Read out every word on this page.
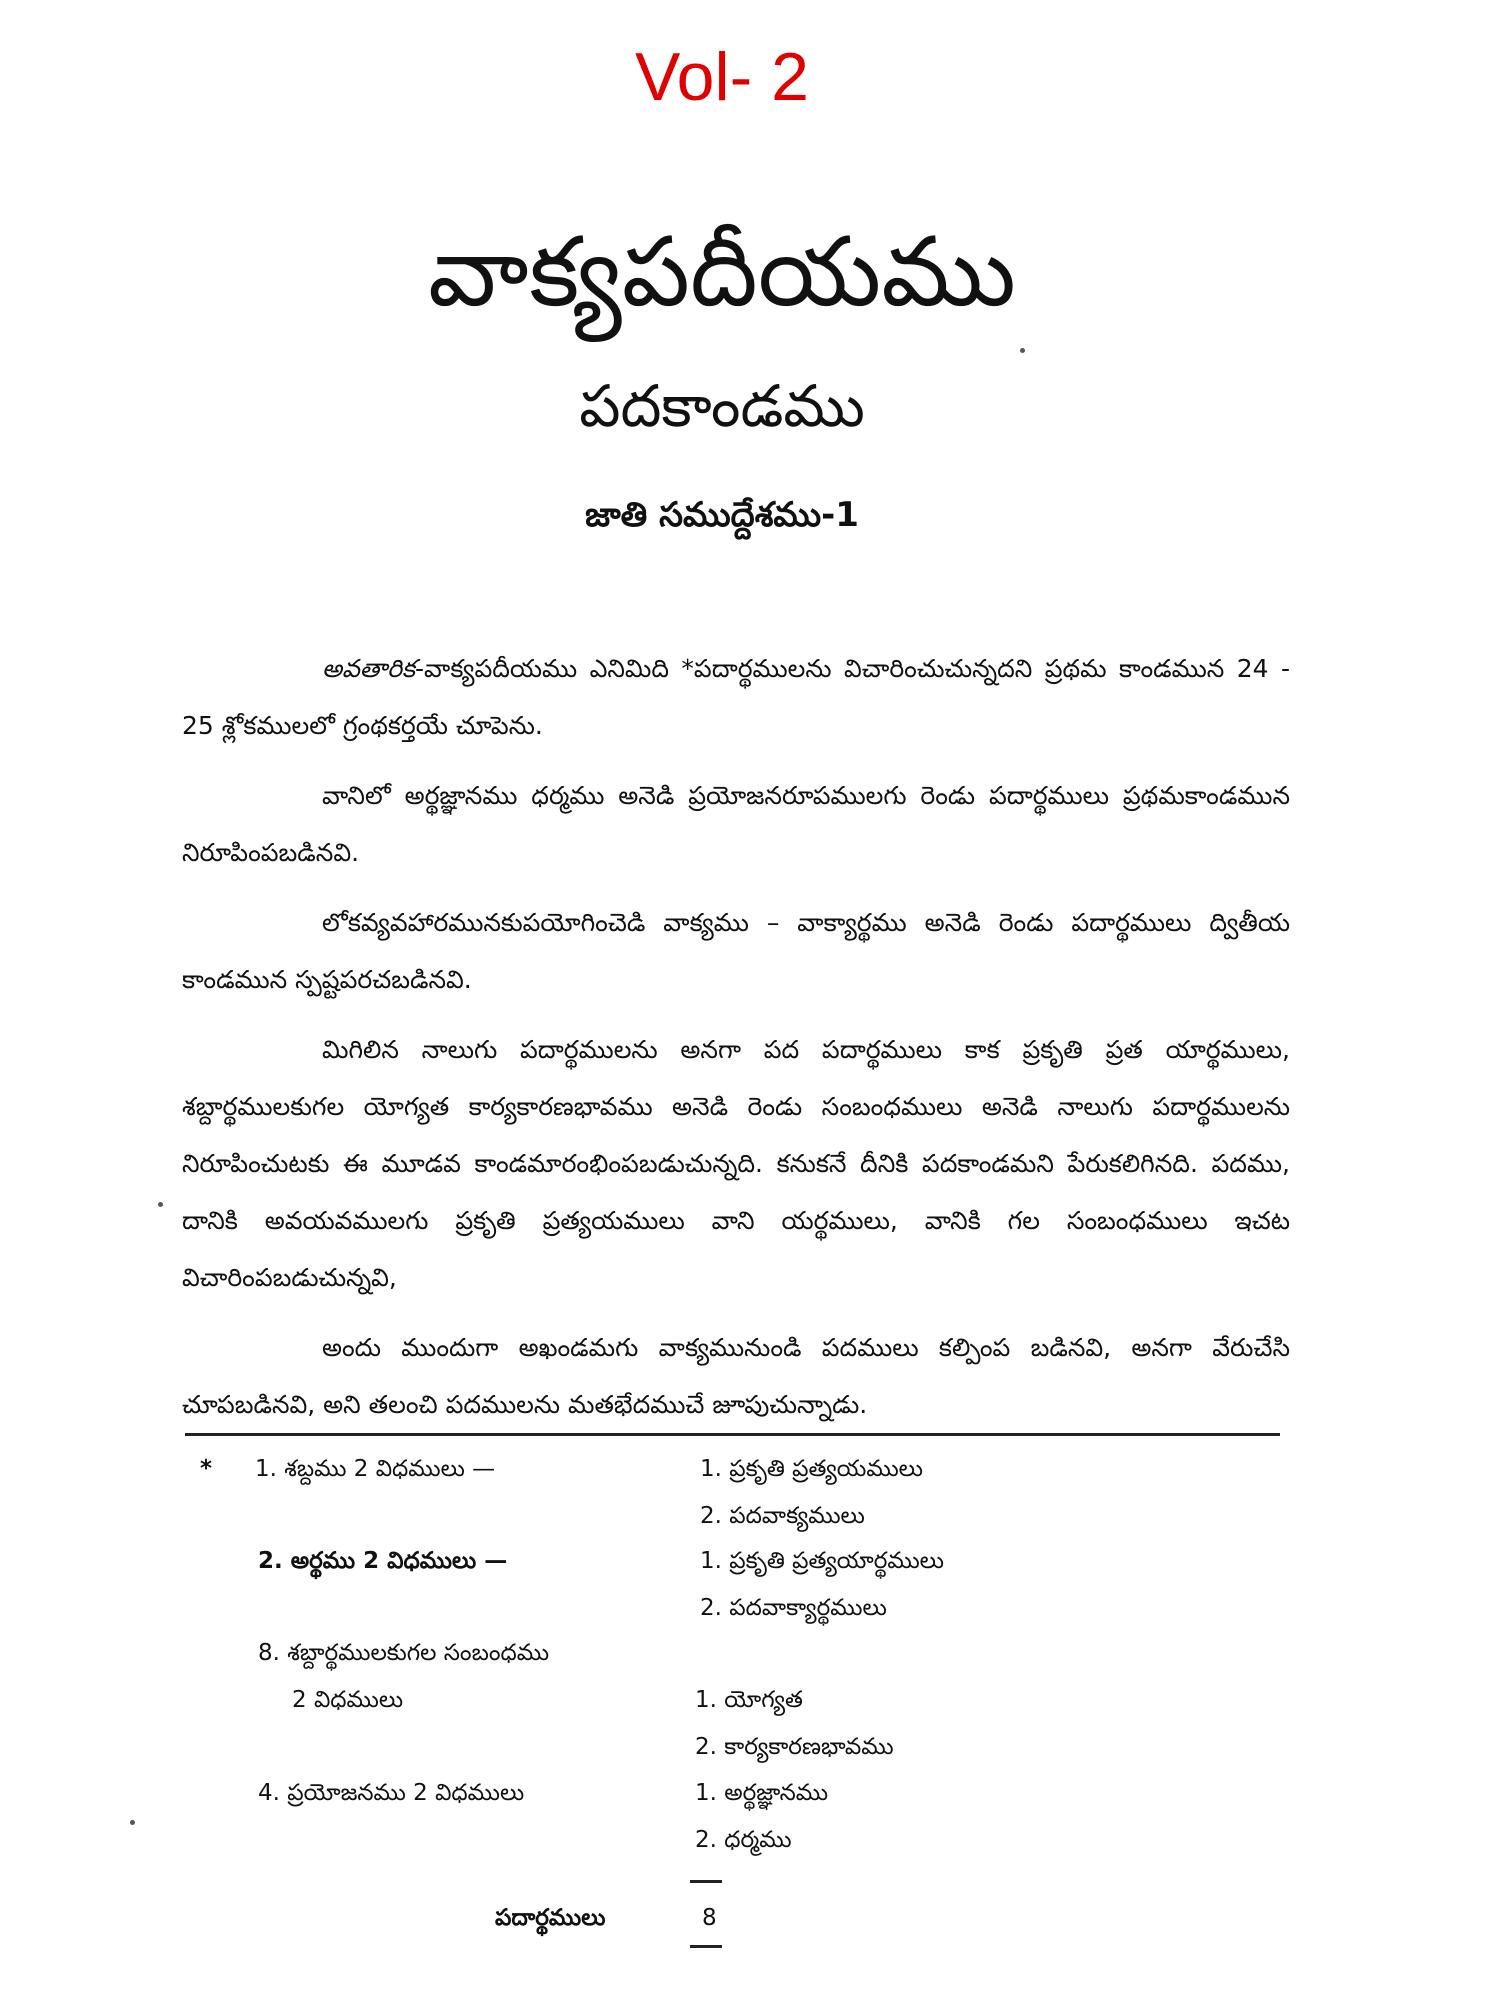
Vol- 2
వాక్యపదీయము
పదకాండము
జాతి సముద్దేశము-1

అవతారిక-వాక్యపదీయము ఎనిమిది *పదార్థములను విచారించుచున్నదని ప్రథమ కాండమున 24 - 25 శ్లోకములలో గ్రంథకర్తయే చూపెను.

వానిలో అర్థజ్ఞానము ధర్మము అనెడి ప్రయోజనరూపములగు రెండు పదార్థములు ప్రథమకాండమున నిరూపింపబడినవి.

లోకవ్యవహారమునకుపయోగించెడి వాక్యము – వాక్యార్థము అనెడి రెండు పదార్థములు ద్వితీయ కాండమున స్పష్టపరచబడినవి.

మిగిలిన నాలుగు పదార్థములను అనగా పద పదార్థములు కాక ప్రకృతి ప్రత యార్థములు, శబ్దార్థములకుగల యోగ్యత కార్యకారణభావము అనెడి రెండు సంబంధములు అనెడి నాలుగు పదార్థములను నిరూపించుటకు ఈ మూడవ కాండమారంభింపబడుచున్నది. కనుకనే దీనికి పదకాండమని పేరుకలిగినది. పదము, దానికి అవయవములగు ప్రకృతి ప్రత్యయములు వాని యర్థములు, వానికి గల సంబంధములు ఇచట విచారింపబడుచున్నవి,

అందు ముందుగా అఖండమగు వాక్యమునుండి పదములు కల్పింప బడినవి, అనగా వేరుచేసి చూపబడినవి, అని తలంచి పదములను మతభేదముచే జూపుచున్నాడు.

* 1. శబ్దము 2 విధములు —	1. ప్రకృతి ప్రత్యయములు
2. పదవాక్యములు
2. అర్థము 2 విధములు —	1. ప్రకృతి ప్రత్యయార్థములు
2. పదవాక్యార్థములు
8. శబ్దార్థములకుగల సంబంధము
2 విధములు	1. యోగ్యత
2. కార్యకారణభావము
4. ప్రయోజనము 2 విధములు	1. అర్థజ్ఞానము
2. ధర్మము
పదార్థములు	8
